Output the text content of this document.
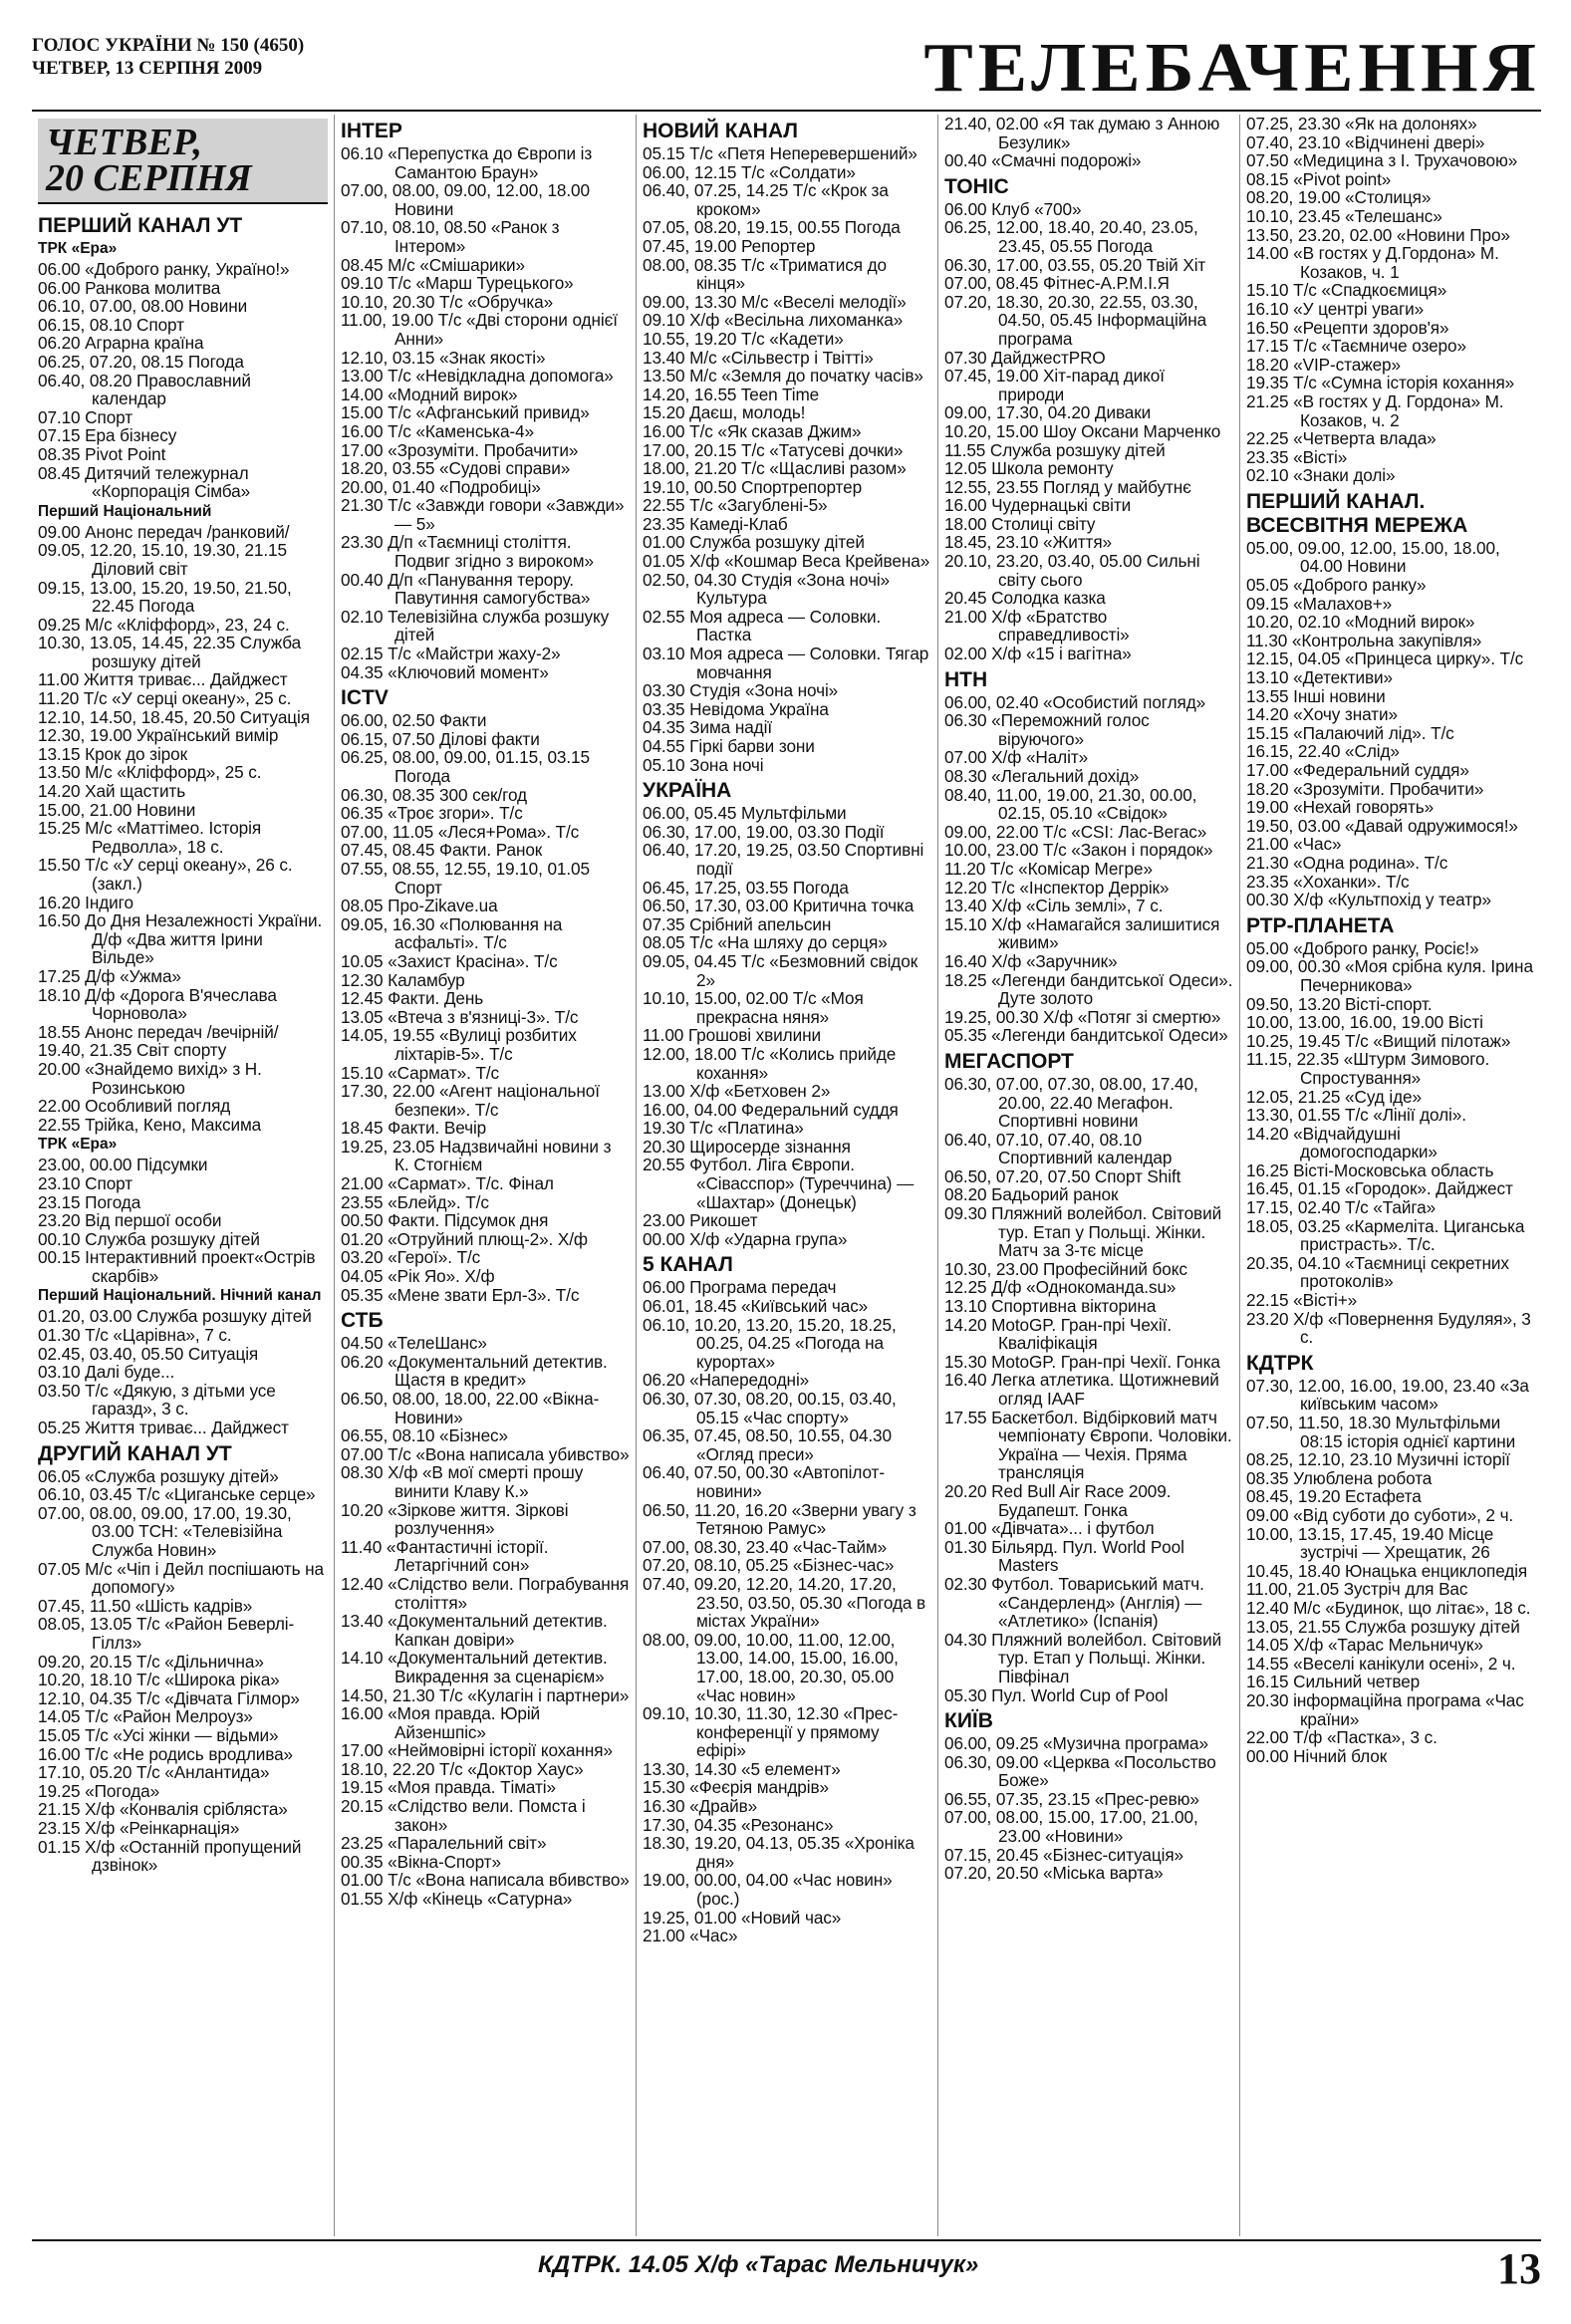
ГОЛОС УКРАЇНИ № 150 (4650)
ЧЕТВЕР, 13 СЕРПНЯ 2009	ТЕЛЕБАЧЕННЯ
ЧЕТВЕР,
20 СЕРПНЯ
ПЕРШИЙ КАНАЛ УТ
ТРК «Ера»
06.00 «Доброго ранку, Україно!»
06.00 Ранкова молитва
06.10, 07.00, 08.00 Новини
06.15, 08.10 Спорт
06.20 Аграрна країна
06.25, 07.20, 08.15 Погода
06.40, 08.20 Православний календар
07.10 Спорт
07.15 Ера бізнесу
08.35 Pivot Point
08.45 Дитячий тележурнал «Корпорація Сімба»
Перший Національний
09.00 Анонс передач /ранковий/
09.05, 12.20, 15.10, 19.30, 21.15 Діловий світ
09.15, 13.00, 15.20, 19.50, 21.50, 22.45 Погода
09.25 М/с «Кліффорд», 23, 24 с.
10.30, 13.05, 14.45, 22.35 Служба розшуку дітей
11.00 Життя триває... Дайджест
11.20 Т/с «У серці океану», 25 с.
12.10, 14.50, 18.45, 20.50 Ситуація
12.30, 19.00 Український вимір
13.15 Крок до зірок
13.50 М/с «Кліффорд», 25 с.
14.20 Хай щастить
15.00, 21.00 Новини
15.25 М/с «Маттімео. Історія Редволла», 18 с.
15.50 Т/с «У серці океану», 26 с. (закл.)
16.20 Індиго
16.50 До Дня Незалежності України. Д/ф «Два життя Ірини Вільде»
17.25 Д/ф «Ужма»
18.10 Д/ф «Дорога В'ячеслава Чорновола»
18.55 Анонс передач /вечірній/
19.40, 21.35 Світ спорту
20.00 «Знайдемо вихід» з Н. Розинською
22.00 Особливий погляд
22.55 Трійка, Кено, Максима
ТРК «Ера»
23.00, 00.00 Підсумки
23.10 Спорт
23.15 Погода
23.20 Від першої особи
00.10 Служба розшуку дітей
00.15 Інтерактивний проект«Острів скарбів»
Перший Національний. Нічний канал
01.20, 03.00 Служба розшуку дітей
01.30 Т/с «Царівна», 7 с.
02.45, 03.40, 05.50 Ситуація
03.10 Далі буде...
03.50 Т/с «Дякую, з дітьми усе гаразд», 3 с.
05.25 Життя триває... Дайджест
ДРУГИЙ КАНАЛ УТ
06.05 «Служба розшуку дітей»
06.10, 03.45 Т/с «Циганське серце»
07.00, 08.00, 09.00, 17.00, 19.30, 03.00 ТСН: «Телевізійна Служба Новин»
07.05 М/с «Чіп і Дейл поспішають на допомогу»
07.45, 11.50 «Шість кадрів»
08.05, 13.05 Т/с «Район Беверлі-Гіллз»
09.20, 20.15 Т/с «Дільнична»
10.20, 18.10 Т/с «Широка ріка»
12.10, 04.35 Т/с «Дівчата Гілмор»
14.05 Т/с «Район Мелроуз»
15.05 Т/с «Усі жінки — відьми»
16.00 Т/с «Не родись вродлива»
17.10, 05.20 Т/с «Анлантида»
19.25 «Погода»
21.15 Х/ф «Конвалія срібляста»
23.15 Х/ф «Реінкарнація»
01.15 Х/ф «Останній пропущений дзвінок»
ІНТЕР
06.10 «Перепустка до Європи із Самантою Браун»
07.00, 08.00, 09.00, 12.00, 18.00 Новини
07.10, 08.10, 08.50 «Ранок з Інтером»
08.45 М/с «Смішарики»
09.10 Т/с «Марш Турецького»
10.10, 20.30 Т/с «Обручка»
11.00, 19.00 Т/с «Дві сторони однієї Анни»
12.10, 03.15 «Знак якості»
13.00 Т/с «Невідкладна допомога»
14.00 «Модний вирок»
15.00 Т/с «Афганський привид»
16.00 Т/с «Каменська-4»
17.00 «Зрозуміти. Пробачити»
18.20, 03.55 «Судові справи»
20.00, 01.40 «Подробиці»
21.30 Т/с «Завжди говори «Завжди» — 5»
23.30 Д/п «Таємниці століття. Подвиг згідно з вироком»
00.40 Д/п «Панування терору. Павутиння самогубства»
02.10 Телевізійна служба розшуку дітей
02.15 Т/с «Майстри жаху-2»
04.35 «Ключовий момент»
ICTV
06.00, 02.50 Факти
06.15, 07.50 Ділові факти
06.25, 08.00, 09.00, 01.15, 03.15 Погода
06.30, 08.35 300 сек/год
06.35 «Троє згори». Т/с
07.00, 11.05 «Леся+Рома». Т/с
07.45, 08.45 Факти. Ранок
07.55, 08.55, 12.55, 19.10, 01.05 Спорт
08.05 Про-Zikave.ua
09.05, 16.30 «Полювання на асфальті». Т/с
10.05 «Захист Красіна». Т/с
12.30 Каламбур
12.45 Факти. День
13.05 «Втеча з в'язниці-3». Т/с
14.05, 19.55 «Вулиці розбитих ліхтарів-5». Т/с
15.10 «Сармат». Т/с
17.30, 22.00 «Агент національної безпеки». Т/с
18.45 Факти. Вечір
19.25, 23.05 Надзвичайні новини з К. Стогнієм
21.00 «Сармат». Т/с. Фінал
23.55 «Блейд». Т/с
00.50 Факти. Підсумок дня
01.20 «Отруйний плющ-2». Х/ф
03.20 «Герої». Т/с
04.05 «Рік Яо». Х/ф
05.35 «Мене звати Ерл-3». Т/с
СТБ
04.50 «ТелеШанс»
06.20 «Документальний детектив. Щастя в кредит»
06.50, 08.00, 18.00, 22.00 «Вікна-Новини»
06.55, 08.10 «Бізнес»
07.00 Т/с «Вона написала убивство»
08.30 Х/ф «В мої смерті прошу винити Клаву К.»
10.20 «Зіркове життя. Зіркові розлучення»
11.40 «Фантастичні історії. Летаргічний сон»
12.40 «Слідство вели. Пограбування століття»
13.40 «Документальний детектив. Капкан довіри»
14.10 «Документальний детектив. Викрадення за сценарієм»
14.50, 21.30 Т/с «Кулагін і партнери»
16.00 «Моя правда. Юрій Айзеншпіс»
17.00 «Неймовірні історії кохання»
18.10, 22.20 Т/с «Доктор Хаус»
19.15 «Моя правда. Тіматі»
20.15 «Слідство вели. Помста і закон»
23.25 «Паралельний світ»
00.35 «Вікна-Спорт»
01.00 Т/с «Вона написала вбивство»
01.55 Х/ф «Кінець «Сатурна»
НОВИЙ КАНАЛ
05.15 Т/с «Петя Неперевершений»
06.00, 12.15 Т/с «Солдати»
06.40, 07.25, 14.25 Т/с «Крок за кроком»
07.05, 08.20, 19.15, 00.55 Погода
07.45, 19.00 Репортер
08.00, 08.35 Т/с «Триматися до кінця»
09.00, 13.30 М/с «Веселі мелодії»
09.10 Х/ф «Весільна лихоманка»
10.55, 19.20 Т/с «Кадети»
13.40 М/с «Сільвестр і Твітті»
13.50 М/с «Земля до початку часів»
14.20, 16.55 Teen Time
15.20 Даєш, молодь!
16.00 Т/с «Як сказав Джим»
17.00, 20.15 Т/с «Татусеві дочки»
18.00, 21.20 Т/с «Щасливі разом»
19.10, 00.50 Спортрепортер
22.55 Т/с «Загублені-5»
23.35 Камеді-Клаб
01.00 Служба розшуку дітей
01.05 Х/ф «Кошмар Веса Крейвена»
02.50, 04.30 Студія «Зона ночі» Культура
02.55 Моя адреса — Соловки. Пастка
03.10 Моя адреса — Соловки. Тягар мовчання
03.30 Студія «Зона ночі»
03.35 Невідома Україна
04.35 Зима надії
04.55 Гіркі барви зони
05.10 Зона ночі
УКРАЇНА
06.00, 05.45 Мультфільми
06.30, 17.00, 19.00, 03.30 Події
06.40, 17.20, 19.25, 03.50 Спортивні події
06.45, 17.25, 03.55 Погода
06.50, 17.30, 03.00 Критична точка
07.35 Срібний апельсин
08.05 Т/с «На шляху до серця»
09.05, 04.45 Т/с «Безмовний свідок 2»
10.10, 15.00, 02.00 Т/с «Моя прекрасна няня»
11.00 Грошові хвилини
12.00, 18.00 Т/с «Колись прийде кохання»
13.00 Х/ф «Бетховен 2»
16.00, 04.00 Федеральний суддя
19.30 Т/с «Платина»
20.30 Щиросерде зізнання
20.55 Футбол. Ліга Європи. «Сівасспор» (Туреччина) — «Шахтар» (Донецьк)
23.00 Рикошет
00.00 Х/ф «Ударна група»
5 КАНАЛ
06.00 Програма передач
06.01, 18.45 «Київський час»
06.10, 10.20, 13.20, 15.20, 18.25, 00.25, 04.25 «Погода на курортах»
06.20 «Напередодні»
06.30, 07.30, 08.20, 00.15, 03.40, 05.15 «Час спорту»
06.35, 07.45, 08.50, 10.55, 04.30 «Огляд преси»
06.40, 07.50, 00.30 «Автопілот-новини»
06.50, 11.20, 16.20 «Зверни увагу з Тетяною Рамус»
07.00, 08.30, 23.40 «Час-Тайм»
07.20, 08.10, 05.25 «Бізнес-час»
07.40, 09.20, 12.20, 14.20, 17.20, 23.50, 03.50, 05.30 «Погода в містах України»
08.00, 09.00, 10.00, 11.00, 12.00, 13.00, 14.00, 15.00, 16.00, 17.00, 18.00, 20.30, 05.00 «Час новин»
09.10, 10.30, 11.30, 12.30 «Прес-конференції у прямому ефірі»
13.30, 14.30 «5 елемент»
15.30 «Феєрія мандрів»
16.30 «Драйв»
17.30, 04.35 «Резонанс»
18.30, 19.20, 04.13, 05.35 «Хроніка дня»
19.00, 00.00, 04.00 «Час новин» (рос.)
19.25, 01.00 «Новий час»
21.00 «Час»
21.40, 02.00 «Я так думаю з Анною Безулик»
00.40 «Смачні подорожі»
ТОНІС
06.00 Клуб «700»
06.25, 12.00, 18.40, 20.40, 23.05, 23.45, 05.55 Погода
06.30, 17.00, 03.55, 05.20 Твій Хіт
07.00, 08.45 Фітнес-А.Р.М.І.Я
07.20, 18.30, 20.30, 22.55, 03.30, 04.50, 05.45 Інформаційна програма
07.30 ДайджестPRO
07.45, 19.00 Хіт-парад дикої природи
09.00, 17.30, 04.20 Диваки
10.20, 15.00 Шоу Оксани Марченко
11.55 Служба розшуку дітей
12.05 Школа ремонту
12.55, 23.55 Погляд у майбутнє
16.00 Чудернацькі світи
18.00 Столиці світу
18.45, 23.10 «Життя»
20.10, 23.20, 03.40, 05.00 Сильні світу сього
20.45 Солодка казка
21.00 Х/ф «Братство справедливості»
02.00 Х/ф «15 і вагітна»
НТН
06.00, 02.40 «Особистий погляд»
06.30 «Переможний голос віруючого»
07.00 Х/ф «Наліт»
08.30 «Легальний дохід»
08.40, 11.00, 19.00, 21.30, 00.00, 02.15, 05.10 «Свідок»
09.00, 22.00 Т/с «CSI: Лас-Вегас»
10.00, 23.00 Т/с «Закон і порядок»
11.20 Т/с «Комісар Мегре»
12.20 Т/с «Інспектор Деррік»
13.40 Х/ф «Сіль землі», 7 с.
15.10 Х/ф «Намагайся залишитися живим»
16.40 Х/ф «Заручник»
18.25 «Легенди бандитської Одеси». Дуте золото
19.25, 00.30 Х/ф «Потяг зі смертю»
05.35 «Легенди бандитської Одеси»
МЕГАСПОРТ
06.30, 07.00, 07.30, 08.00, 17.40, 20.00, 22.40 Мегафон. Спортивні новини
06.40, 07.10, 07.40, 08.10 Спортивний календар
06.50, 07.20, 07.50 Спорт Shift
08.20 Бадьорий ранок
09.30 Пляжний волейбол. Світовий тур. Етап у Польщі. Жінки. Матч за 3-тє місце
10.30, 23.00 Професійний бокс
12.25 Д/ф «Однокоманда.su»
13.10 Спортивна вікторина
14.20 MotoGP. Гран-прі Чехії. Кваліфікація
15.30 MotoGP. Гран-прі Чехії. Гонка
16.40 Легка атлетика. Щотижневий огляд IAAF
17.55 Баскетбол. Відбірковий матч чемпіонату Європи. Чоловіки. Україна — Чехія. Пряма трансляція
20.20 Red Bull Air Race 2009. Будапешт. Гонка
01.00 «Дівчата»... і футбол
01.30 Більярд. Пул. World Pool Masters
02.30 Футбол. Товариський матч. «Сандерленд» (Англія) — «Атлетико» (Іспанія)
04.30 Пляжний волейбол. Світовий тур. Етап у Польщі. Жінки. Півфінал
05.30 Пул. World Cup of Pool
КИЇВ
06.00, 09.25 «Музична програма»
06.30, 09.00 «Церква «Посольство Боже»
06.55, 07.35, 23.15 «Прес-ревю»
07.00, 08.00, 15.00, 17.00, 21.00, 23.00 «Новини»
07.15, 20.45 «Бізнес-ситуація»
07.20, 20.50 «Міська варта»
07.25, 23.30 «Як на долонях»
07.40, 23.10 «Відчинені двері»
07.50 «Медицина з І. Трухачовою»
08.15 «Pivot point»
08.20, 19.00 «Столиця»
10.10, 23.45 «Телешанс»
13.50, 23.20, 02.00 «Новини Про»
14.00 «В гостях у Д.Гордона» М. Козаков, ч. 1
15.10 Т/с «Спадкоємиця»
16.10 «У центрі уваги»
16.50 «Рецепти здоров'я»
17.15 Т/с «Таємниче озеро»
18.20 «VIP-стажер»
19.35 Т/с «Сумна історія кохання»
21.25 «В гостях у Д. Гордона» М. Козаков, ч. 2
22.25 «Четверта влада»
23.35 «Вісті»
02.10 «Знаки долі»
ПЕРШИЙ КАНАЛ. ВСЕСВІТНЯ МЕРЕЖА
05.00, 09.00, 12.00, 15.00, 18.00, 04.00 Новини
05.05 «Доброго ранку»
09.15 «Малахов+»
10.20, 02.10 «Модний вирок»
11.30 «Контрольна закупівля»
12.15, 04.05 «Принцеса цирку». Т/с
13.10 «Детективи»
13.55 Інші новини
14.20 «Хочу знати»
15.15 «Палаючий лід». Т/с
16.15, 22.40 «Слід»
17.00 «Федеральний суддя»
18.20 «Зрозуміти. Пробачити»
19.00 «Нехай говорять»
19.50, 03.00 «Давай одружимося!»
21.00 «Час»
21.30 «Одна родина». Т/с
23.35 «Хоханки». Т/с
00.30 Х/ф «Культпохід у театр»
РТР-ПЛАНЕТА
05.00 «Доброго ранку, Росіє!»
09.00, 00.30 «Моя срібна куля. Ірина Печерникова»
09.50, 13.20 Вісті-спорт.
10.00, 13.00, 16.00, 19.00 Вісті
10.25, 19.45 Т/с «Вищий пілотаж»
11.15, 22.35 «Штурм Зимового. Спростування»
12.05, 21.25 «Суд іде»
13.30, 01.55 Т/с «Лінії долі».
14.20 «Відчайдушні домогосподарки»
16.25 Вісті-Московська область
16.45, 01.15 «Городок». Дайджест
17.15, 02.40 Т/с «Тайга»
18.05, 03.25 «Кармеліта. Циганська пристрасть». Т/с.
20.35, 04.10 «Таємниці секретних протоколів»
22.15 «Вісті+»
23.20 Х/ф «Повернення Будуляя», 3 с.
КДТРК
07.30, 12.00, 16.00, 19.00, 23.40 «За київським часом»
07.50, 11.50, 18.30 Мультфільми 08:15 історія однієї картини
08.25, 12.10, 23.10 Музичні історії
08.35 Улюблена робота
08.45, 19.20 Естафета
09.00 «Від суботи до суботи», 2 ч.
10.00, 13.15, 17.45, 19.40 Місце зустрічі — Хрещатик, 26
10.45, 18.40 Юнацька енциклопедія
11.00, 21.05 Зустріч для Вас
12.40 М/с «Будинок, що літає», 18 с.
13.05, 21.55 Служба розшуку дітей
14.05 Х/ф «Тарас Мельничук»
14.55 «Веселі канікули осені», 2 ч.
16.15 Сильний четвер
20.30 інформаційна програма «Час країни»
22.00 Т/ф «Пастка», 3 с.
00.00 Нічний блок
КДТРК. 14.05 Х/ф «Тарас Мельничук»	13
